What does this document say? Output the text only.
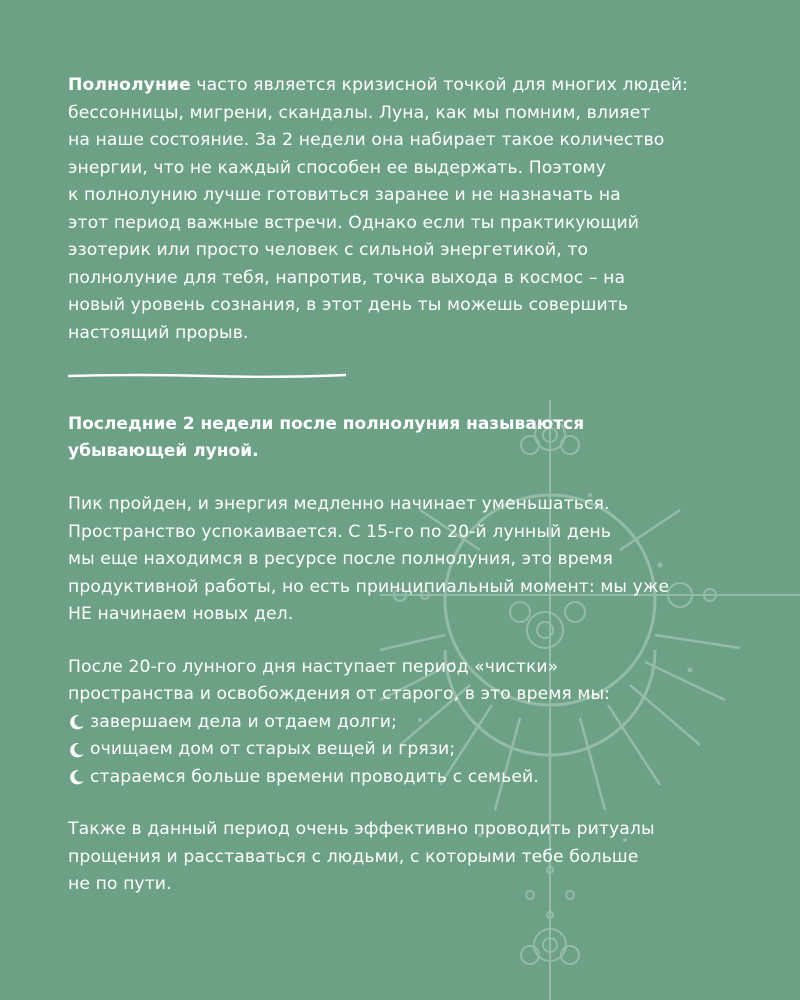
Полнолуние часто является кризисной точкой для многих людей:

бессонницы, мигрени, скандалы. Луна, как мы помним, влияет

на наше состояние. За 2 недели она набирает такое количество

энергии, что не каждый способен ее выдержать. Поэтому

к полнолунию лучше готовиться заранее и не назначать на

этот период важные встречи. Однако если ты практикующий

эзотерик или просто человек с сильной энергетикой, то

полнолуние для тебя, напротив, точка выхода в космос – на

новый уровень сознания, в этот день ты можешь совершить

настоящий прорыв.

Последние 2 недели после полнолуния называются
убывающей луной.

Пик пройден, и энергия медленно начинает уменьшаться.

Пространство успокаивается. С 15-го по 20-й лунный день

мы еще находимся в ресурсе после полнолуния, это время

продуктивной работы, но есть принципиальный момент: мы уже

НЕ начинаем новых дел.

После 20-го лунного дня наступает период «чистки»

пространства и освобождения от старого, в это время мы:

завершаем дела и отдаем долги;

очищаем дом от старых вещей и грязи;

стараемся больше времени проводить с семьей.

Также в данный период очень эффективно проводить ритуалы

прощения и расставаться с людьми, с которыми тебе больше

не по пути.
